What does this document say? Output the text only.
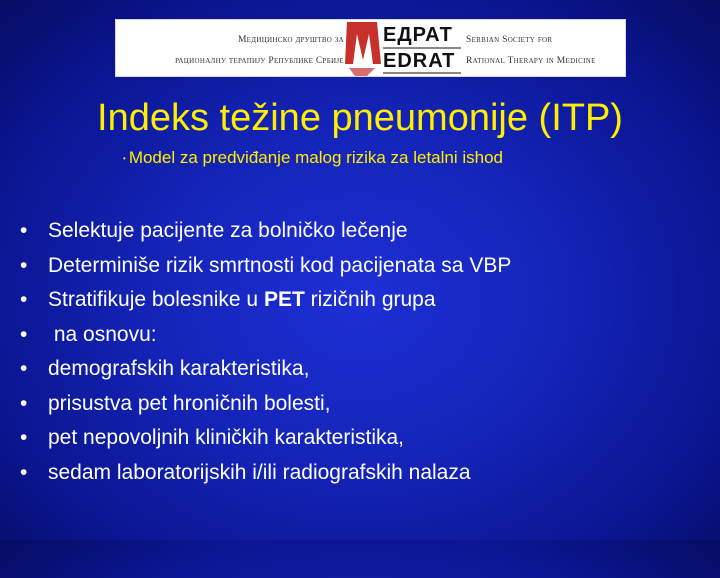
Медицинско друштво за
рационалну терапију Републике Србије
ЕДРАТ
EDRAT
Serbian Society for
Rational Therapy in Medicine
Indeks težine pneumonije (ITP)
• Model za predviđanje malog rizika za letalni ishod

•

Selektuje pacijente za bolničko lečenje

•

Determiniše rizik smrtnosti kod pacijenata sa VBP

•

Stratifikuje bolesnike u PET rizičnih grupa

•

na osnovu:

•

demografskih karakteristika,

•

prisustva pet hroničnih bolesti,

•

pet nepovoljnih kliničkih karakteristika,

•

sedam laboratorijskih i/ili radiografskih nalaza
